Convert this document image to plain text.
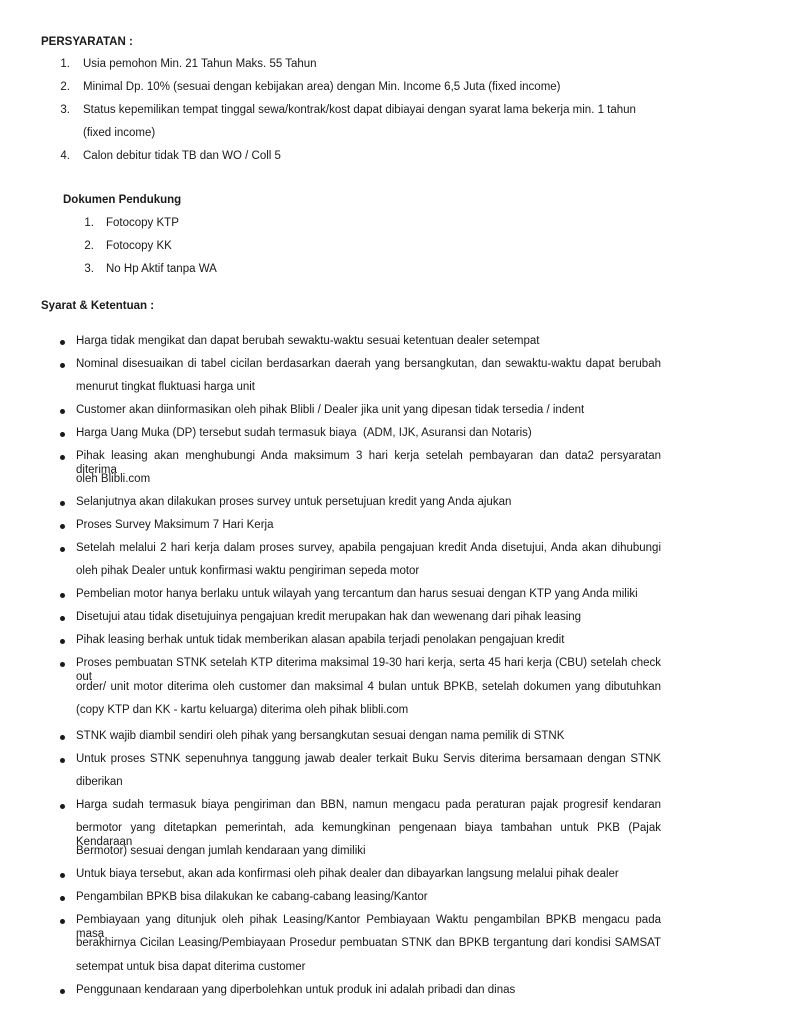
PERSYARATAN :
1. Usia pemohon Min. 21 Tahun Maks. 55 Tahun
2. Minimal Dp. 10% (sesuai dengan kebijakan area) dengan Min. Income 6,5 Juta (fixed income)
3. Status kepemilikan tempat tinggal sewa/kontrak/kost dapat dibiayai dengan syarat lama bekerja min. 1 tahun
(fixed income)
4. Calon debitur tidak TB dan WO / Coll 5
Dokumen Pendukung
1. Fotocopy KTP
2. Fotocopy KK
3. No Hp Aktif tanpa WA
Syarat & Ketentuan :
Harga tidak mengikat dan dapat berubah sewaktu-waktu sesuai ketentuan dealer setempat
Nominal disesuaikan di tabel cicilan berdasarkan daerah yang bersangkutan, dan sewaktu-waktu dapat berubah
menurut tingkat fluktuasi harga unit
Customer akan diinformasikan oleh pihak Blibli / Dealer jika unit yang dipesan tidak tersedia / indent
Harga Uang Muka (DP) tersebut sudah termasuk biaya  (ADM, IJK, Asuransi dan Notaris)
Pihak leasing akan menghubungi Anda maksimum 3 hari kerja setelah pembayaran dan data2 persyaratan diterima
oleh Blibli.com
Selanjutnya akan dilakukan proses survey untuk persetujuan kredit yang Anda ajukan
Proses Survey Maksimum 7 Hari Kerja
Setelah melalui 2 hari kerja dalam proses survey, apabila pengajuan kredit Anda disetujui, Anda akan dihubungi
oleh pihak Dealer untuk konfirmasi waktu pengiriman sepeda motor
Pembelian motor hanya berlaku untuk wilayah yang tercantum dan harus sesuai dengan KTP yang Anda miliki
Disetujui atau tidak disetujuinya pengajuan kredit merupakan hak dan wewenang dari pihak leasing
Pihak leasing berhak untuk tidak memberikan alasan apabila terjadi penolakan pengajuan kredit
Proses pembuatan STNK setelah KTP diterima maksimal 19-30 hari kerja, serta 45 hari kerja (CBU) setelah check out
order/ unit motor diterima oleh customer dan maksimal 4 bulan untuk BPKB, setelah dokumen yang dibutuhkan
(copy KTP dan KK - kartu keluarga) diterima oleh pihak blibli.com
STNK wajib diambil sendiri oleh pihak yang bersangkutan sesuai dengan nama pemilik di STNK
Untuk proses STNK sepenuhnya tanggung jawab dealer terkait Buku Servis diterima bersamaan dengan STNK
diberikan
Harga sudah termasuk biaya pengiriman dan BBN, namun mengacu pada peraturan pajak progresif kendaran
bermotor yang ditetapkan pemerintah, ada kemungkinan pengenaan biaya tambahan untuk PKB (Pajak Kendaraan
Bermotor) sesuai dengan jumlah kendaraan yang dimiliki
Untuk biaya tersebut, akan ada konfirmasi oleh pihak dealer dan dibayarkan langsung melalui pihak dealer
Pengambilan BPKB bisa dilakukan ke cabang-cabang leasing/Kantor
Pembiayaan yang ditunjuk oleh pihak Leasing/Kantor Pembiayaan Waktu pengambilan BPKB mengacu pada masa
berakhirnya Cicilan Leasing/Pembiayaan Prosedur pembuatan STNK dan BPKB tergantung dari kondisi SAMSAT
setempat untuk bisa dapat diterima customer
Penggunaan kendaraan yang diperbolehkan untuk produk ini adalah pribadi dan dinas
